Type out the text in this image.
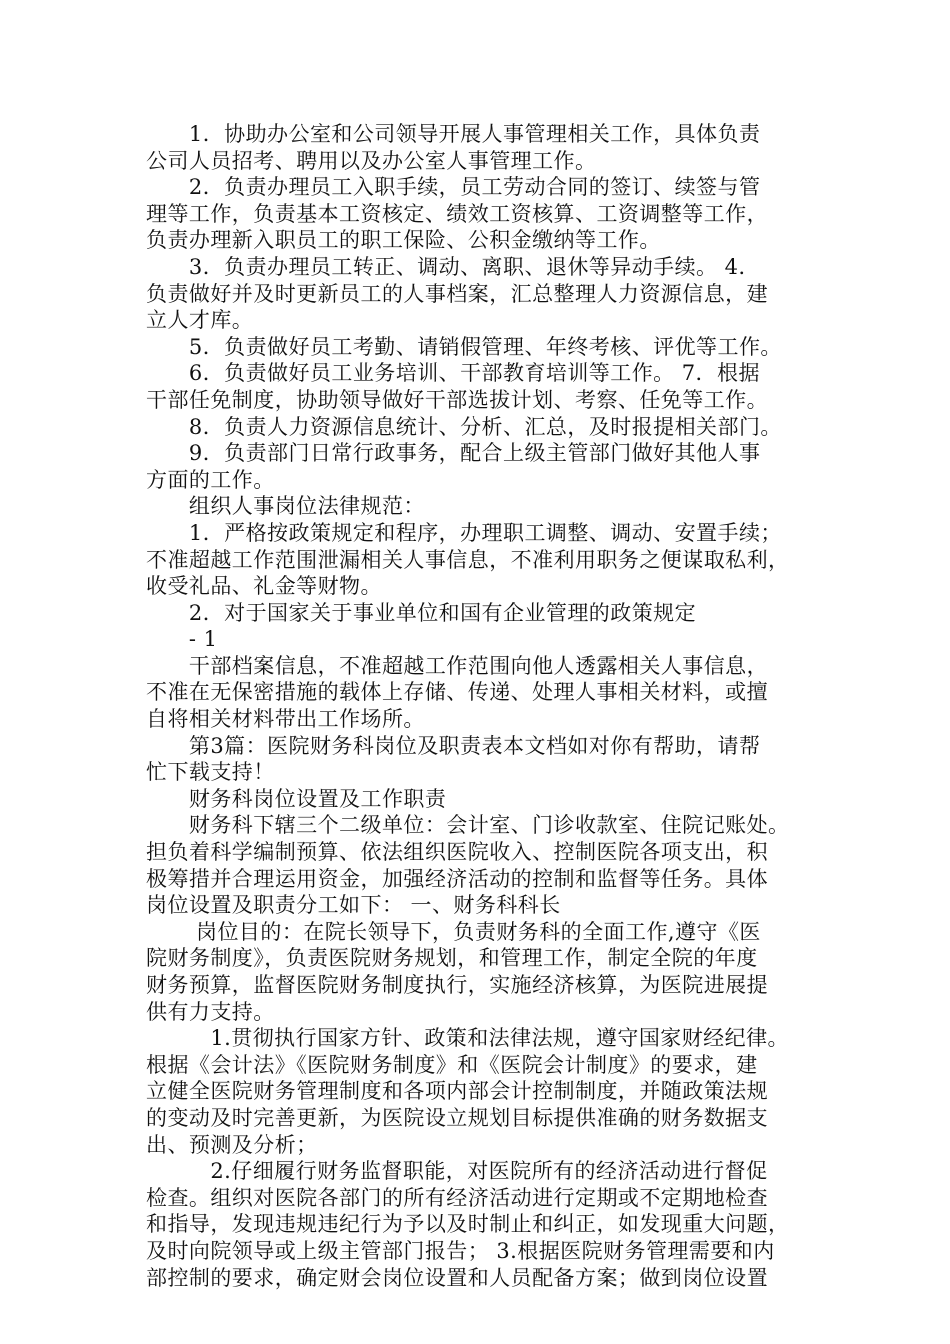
　　1．协助办公室和公司领导开展人事管理相关工作，具体负责
公司人员招考、聘用以及办公室人事管理工作。
　　2．负责办理员工入职手续，员工劳动合同的签订、续签与管
理等工作，负责基本工资核定、绩效工资核算、工资调整等工作，
负责办理新入职员工的职工保险、公积金缴纳等工作。
　　3．负责办理员工转正、调动、离职、退休等异动手续。 4．
负责做好并及时更新员工的人事档案，汇总整理人力资源信息，建
立人才库。
　　5．负责做好员工考勤、请销假管理、年终考核、评优等工作。
　　6．负责做好员工业务培训、干部教育培训等工作。 7．根据
干部任免制度，协助领导做好干部选拔计划、考察、任免等工作。
　　8．负责人力资源信息统计、分析、汇总，及时报提相关部门。
　　9．负责部门日常行政事务，配合上级主管部门做好其他人事
方面的工作。
　　组织人事岗位法律规范：
　　1．严格按政策规定和程序，办理职工调整、调动、安置手续；
不准超越工作范围泄漏相关人事信息，不准利用职务之便谋取私利，
收受礼品、礼金等财物。
　　2．对于国家关于事业单位和国有企业管理的政策规定
　　- 1
　　干部档案信息，不准超越工作范围向他人透露相关人事信息，
不准在无保密措施的载体上存储、传递、处理人事相关材料，或擅
自将相关材料带出工作场所。
　　第3篇：医院财务科岗位及职责表本文档如对你有帮助，请帮
忙下载支持！
　　财务科岗位设置及工作职责
　　财务科下辖三个二级单位：会计室、门诊收款室、住院记账处。
担负着科学编制预算、依法组织医院收入、控制医院各项支出，积
极筹措并合理运用资金，加强经济活动的控制和监督等任务。具体
岗位设置及职责分工如下： 一、财务科科长
　　 岗位目的：在院长领导下，负责财务科的全面工作,遵守《医
院财务制度》，负责医院财务规划，和管理工作，制定全院的年度
财务预算，监督医院财务制度执行，实施经济核算，为医院进展提
供有力支持。
　　　1.贯彻执行国家方针、政策和法律法规，遵守国家财经纪律。
根据《会计法》《医院财务制度》和《医院会计制度》的要求，建
立健全医院财务管理制度和各项内部会计控制制度，并随政策法规
的变动及时完善更新，为医院设立规划目标提供准确的财务数据支
出、预测及分析；
　　　2.仔细履行财务监督职能，对医院所有的经济活动进行督促
检查。组织对医院各部门的所有经济活动进行定期或不定期地检查
和指导，发现违规违纪行为予以及时制止和纠正，如发现重大问题，
及时向院领导或上级主管部门报告； 3.根据医院财务管理需要和内
部控制的要求，确定财会岗位设置和人员配备方案；做到岗位设置
